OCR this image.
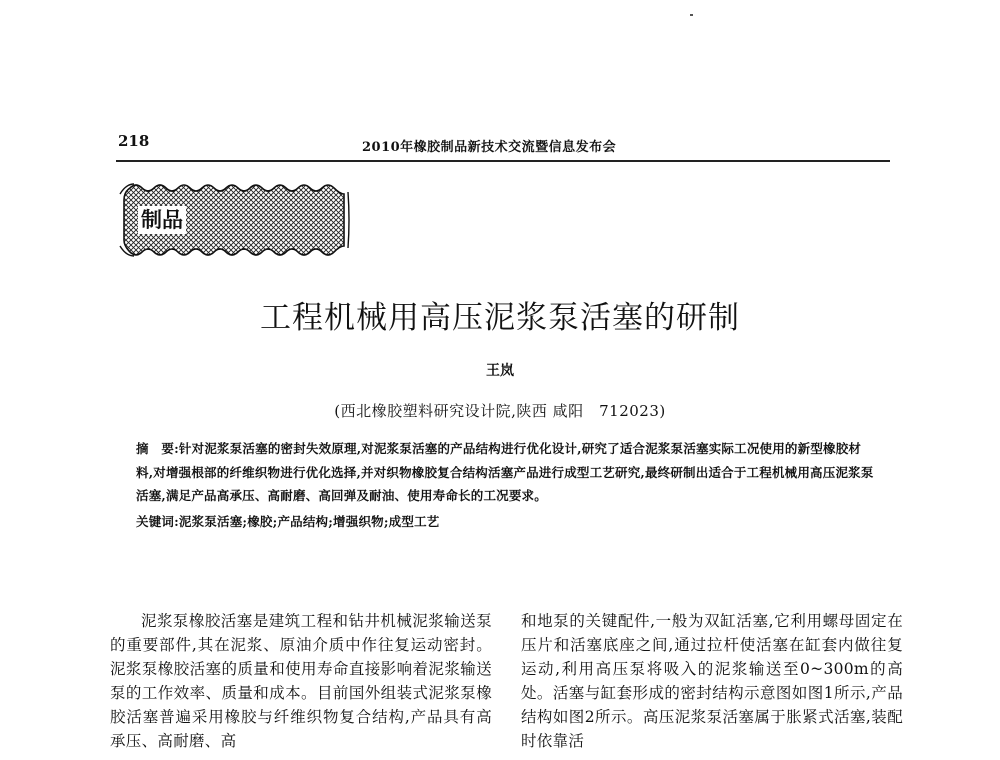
218	2010年橡胶制品新技术交流暨信息发布会
制品
工程机械用高压泥浆泵活塞的研制
王岚
(西北橡胶塑料研究设计院,陕西 咸阳　712023)

摘　要:针对泥浆泵活塞的密封失效原理,对泥浆泵活塞的产品结构进行优化设计,研究了适合泥浆泵活塞实际工况使用的新型橡胶材料,对增强根部的纤维织物进行优化选择,并对织物橡胶复合结构活塞产品进行成型工艺研究,最终研制出适合于工程机械用高压泥浆泵活塞,满足产品高承压、高耐磨、高回弹及耐油、使用寿命长的工况要求。

关键词:泥浆泵活塞;橡胶;产品结构;增强织物;成型工艺

泥浆泵橡胶活塞是建筑工程和钻井机械泥浆输送泵的重要部件,其在泥浆、原油介质中作往复运动密封。泥浆泵橡胶活塞的质量和使用寿命直接影响着泥浆输送泵的工作效率、质量和成本。目前国外组装式泥浆泵橡胶活塞普遍采用橡胶与纤维织物复合结构,产品具有高承压、高耐磨、高

和地泵的关键配件,一般为双缸活塞,它利用螺母固定在压片和活塞底座之间,通过拉杆使活塞在缸套内做往复运动,利用高压泵将吸入的泥浆输送至0~300m的高处。活塞与缸套形成的密封结构示意图如图1所示,产品结构如图2所示。高压泥浆泵活塞属于胀紧式活塞,装配时依靠活
